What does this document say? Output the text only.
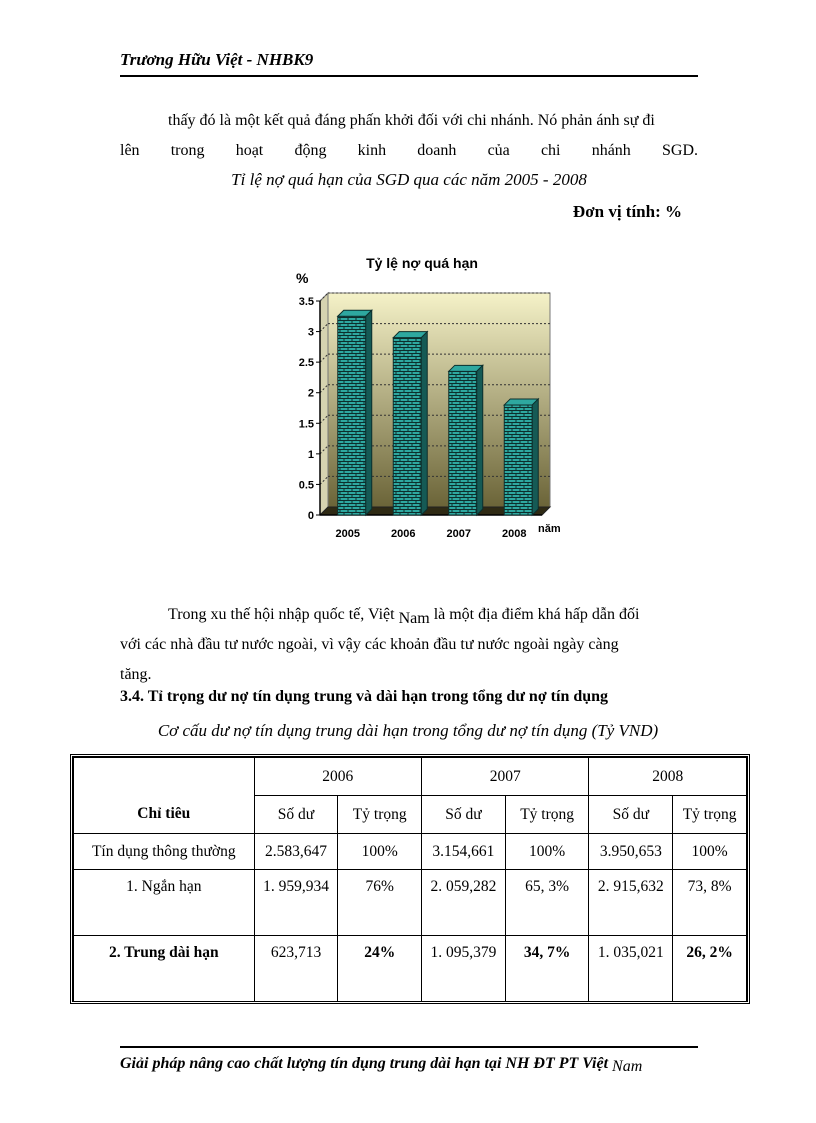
Trương Hữu Việt - NHBK9
thấy đó là một kết quả đáng phấn khởi đối với chi nhánh. Nó phản ánh sự đi
lên trong hoạt động kinh doanh của chi nhánh SGD.
Tỉ lệ nợ quá hạn của SGD qua các năm 2005 - 2008
Đơn vị tính: %
Tỷ lệ nợ quá hạn
%
0
0.5
1
1.5
2
2.5
3
3.5
2005	2006	2007	2008 năm
Trong xu thế hội nhập quốc tế, Việt Nam là một địa điểm khá hấp dẫn đối
với các nhà đầu tư nước ngoài, vì vậy các khoản đầu tư nước ngoài ngày càng
tăng.
3.4. Tỉ trọng dư nợ tín dụng trung và dài hạn trong tổng dư nợ tín dụng
Cơ cấu dư nợ tín dụng trung dài hạn trong tổng dư nợ tín dụng (Tỷ VND)
Chỉ tiêu	2006		2007		2008	
	Số dư	Tỷ trọng	Số dư	Tỷ trọng	Số dư	Tỷ trọng
Tín dụng thông thường	2.583,647	100%	3.154,661	100%	3.950,653	100%
1. Ngắn hạn	1. 959,934	76%	2. 059,282	65, 3%	2. 915,632	73, 8%
2. Trung dài hạn	623,713	24%	1. 095,379	34, 7%	1. 035,021	26, 2%
Giải pháp nâng cao chất lượng tín dụng trung dài hạn tại NH ĐT PT Việt Nam
